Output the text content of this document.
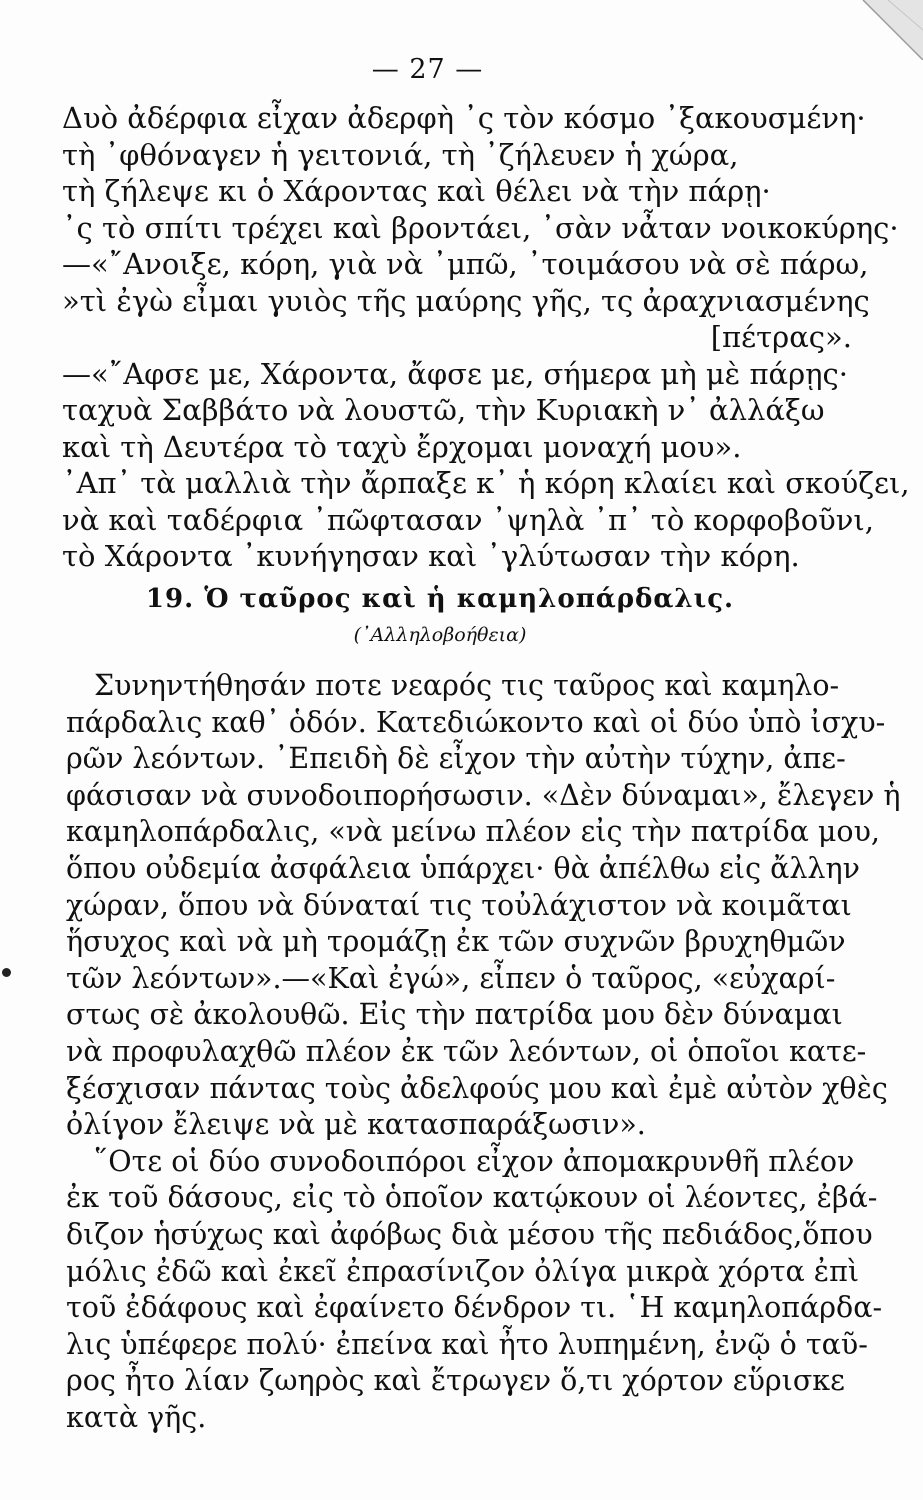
— 27 —

Δυὸ ἀδέρφια εἶχαν ἀδερφὴ ᾽ς τὸν κόσμο ᾽ξακουσμένη·

τὴ ᾽φθόναγεν ἡ γειτονιά, τὴ ᾽ζήλευεν ἡ χώρα,

τὴ ζήλεψε κι ὁ Χάροντας καὶ θέλει νὰ τὴν πάρῃ·

᾽ς τὸ σπίτι τρέχει καὶ βροντάει, ᾽σὰν νἆταν νοικοκύρης·

—«῎Ανοιξε, κόρη, γιὰ νὰ ᾽μπῶ, ᾽τοιμάσου νὰ σὲ πάρω,

»τὶ ἐγὼ εἶμαι γυιὸς τῆς μαύρης γῆς, τς ἀραχνιασμένης

[πέτρας».

—«῎Αφσε με, Χάροντα, ἄφσε με, σήμερα μὴ μὲ πάρῃς·

ταχυὰ Σαββάτο νὰ λουστῶ, τὴν Κυριακὴ ν᾽ ἀλλάξω

καὶ τὴ Δευτέρα τὸ ταχὺ ἔρχομαι μοναχή μου».

᾽Απ᾽ τὰ μαλλιὰ τὴν ἄρπαξε κ᾽ ἡ κόρη κλαίει καὶ σκούζει,

νὰ καὶ ταδέρφια ᾽πῶφτασαν ᾽ψηλὰ ᾽π᾽ τὸ κορφοβοῦνι,

τὸ Χάροντα ᾽κυνήγησαν καὶ ᾽γλύτωσαν τὴν κόρη.

19. Ὁ ταῦρος καὶ ἡ καμηλοπάρδαλις.
(᾽Αλληλοβοήθεια)

Συνηντήθησάν ποτε νεαρός τις ταῦρος καὶ καμηλο-

πάρδαλις καθ᾽ ὁδόν. Κατεδιώκοντο καὶ οἱ δύο ὑπὸ ἰσχυ-

ρῶν λεόντων. ᾽Επειδὴ δὲ εἶχον τὴν αὐτὴν τύχην, ἀπε-

φάσισαν νὰ συνοδοιπορήσωσιν. «Δὲν δύναμαι», ἔλεγεν ἡ

καμηλοπάρδαλις, «νὰ μείνω πλέον εἰς τὴν πατρίδα μου,

ὅπου οὐδεμία ἀσφάλεια ὑπάρχει· θὰ ἀπέλθω εἰς ἄλλην

χώραν, ὅπου νὰ δύναταί τις τοὐλάχιστον νὰ κοιμᾶται

ἥσυχος καὶ νὰ μὴ τρομάζῃ ἐκ τῶν συχνῶν βρυχηθμῶν

τῶν λεόντων».—«Καὶ ἐγώ», εἶπεν ὁ ταῦρος, «εὐχαρί-

στως σὲ ἀκολουθῶ. Εἰς τὴν πατρίδα μου δὲν δύναμαι

νὰ προφυλαχθῶ πλέον ἐκ τῶν λεόντων, οἱ ὁποῖοι κατε-

ξέσχισαν πάντας τοὺς ἀδελφούς μου καὶ ἐμὲ αὐτὸν χθὲς

ὀλίγον ἔλειψε νὰ μὲ κατασπαράξωσιν».

῞Οτε οἱ δύο συνοδοιπόροι εἶχον ἀπομακρυνθῆ πλέον

ἐκ τοῦ δάσους, εἰς τὸ ὁποῖον κατῴκουν οἱ λέοντες, ἐβά-

διζον ἡσύχως καὶ ἀφόβως διὰ μέσου τῆς πεδιάδος,ὅπου

μόλις ἐδῶ καὶ ἐκεῖ ἐπρασίνιζον ὀλίγα μικρὰ χόρτα ἐπὶ

τοῦ ἐδάφους καὶ ἐφαίνετο δένδρον τι. ῾Η καμηλοπάρδα-

λις ὑπέφερε πολύ· ἐπείνα καὶ ἦτο λυπημένη, ἐνῷ ὁ ταῦ-

ρος ἦτο λίαν ζωηρὸς καὶ ἔτρωγεν ὅ,τι χόρτον εὕρισκε

κατὰ γῆς.
